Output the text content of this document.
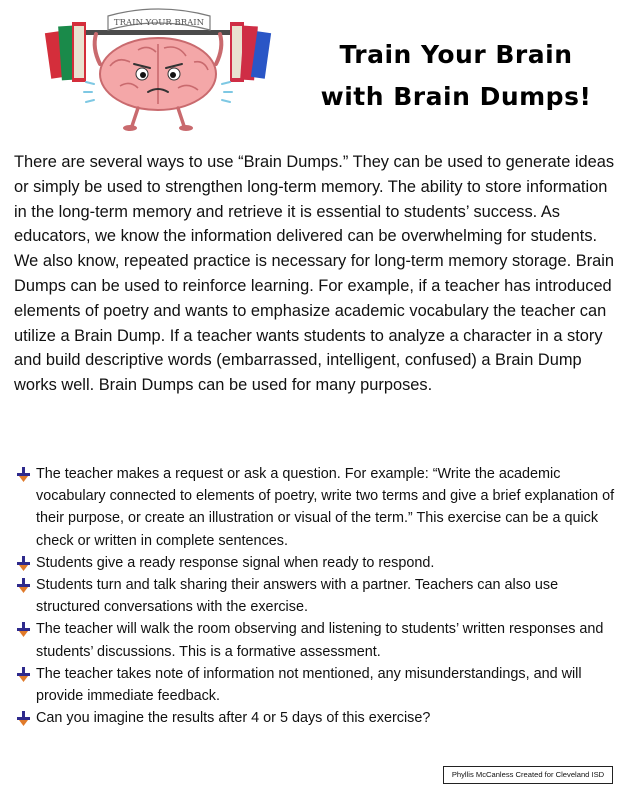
TRAIN YOUR BRAIN
Train Your Brain
with Brain Dumps!
There are several ways to use “Brain Dumps.” They can be used to generate ideas or simply be used to strengthen long-term memory. The ability to store information in the long-term memory and retrieve it is essential to students’ success. As educators, we know the information delivered can be overwhelming for students. We also know, repeated practice is necessary for long-term memory storage. Brain Dumps can be used to reinforce learning. For example, if a teacher has introduced elements of poetry and wants to emphasize academic vocabulary the teacher can utilize a Brain Dump. If a teacher wants students to analyze a character in a story and build descriptive words (embarrassed, intelligent, confused) a Brain Dump works well. Brain Dumps can be used for many purposes.
The teacher makes a request or ask a question. For example: “Write the academic vocabulary connected to elements of poetry, write two terms and give a brief explanation of their purpose, or create an illustration or visual of the term.” This exercise can be a quick check or written in complete sentences.
Students give a ready response signal when ready to respond.
Students turn and talk sharing their answers with a partner. Teachers can also use structured conversations with the exercise.
The teacher will walk the room observing and listening to students’ written responses and students’ discussions. This is a formative assessment.
The teacher takes note of information not mentioned, any misunderstandings, and will provide immediate feedback.
Can you imagine the results after 4 or 5 days of this exercise?
Phyllis McCanless Created for Cleveland ISD
